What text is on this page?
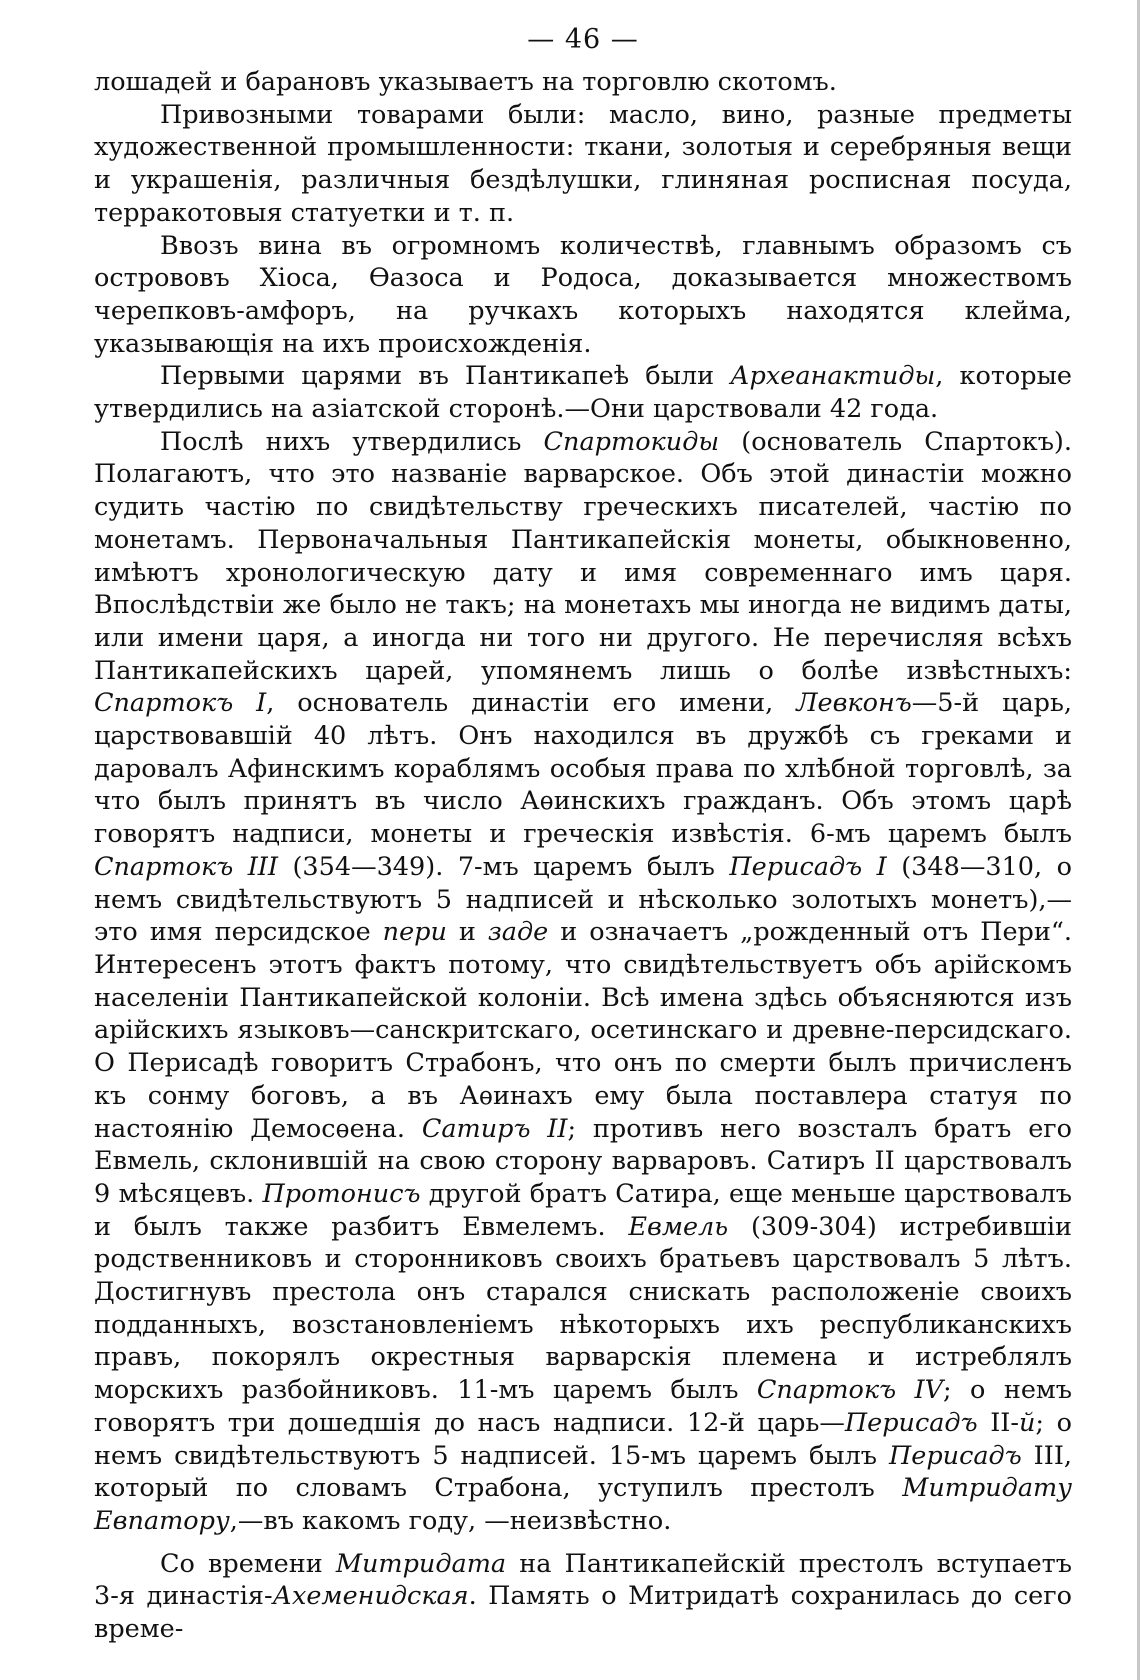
— 46 —

лошадей и барановъ указываетъ на торговлю скотомъ.

Привозными товарами были: масло, вино, разные предметы художественной промышленности: ткани, золотыя и серебряныя вещи и украшенія, различныя бездѣлушки, глиняная росписная посуда, терракотовыя статуетки и т. п.

Ввозъ вина въ огромномъ количествѣ, главнымъ образомъ съ острововъ Хіоса, Ѳазоса и Родоса, доказывается множествомъ черепковъ-амфоръ, на ручкахъ которыхъ находятся клейма, указывающія на ихъ происхожденія.

Первыми царями въ Пантикапеѣ были Археанактиды, которые утвердились на азіатской сторонѣ.—Они царствовали 42 года.

Послѣ нихъ утвердились Спартокиды (основатель Спартокъ). Полагаютъ, что это названіе варварское. Объ этой династіи можно судить частію по свидѣтельству греческихъ писателей, частію по монетамъ. Первоначальныя Пантикапейскія монеты, обыкновенно, имѣютъ хронологическую дату и имя современнаго имъ царя. Впослѣдствіи же было не такъ; на монетахъ мы иногда не видимъ даты, или имени царя, а иногда ни того ни другого. Не перечисляя всѣхъ Пантикапейскихъ царей, упомянемъ лишь о болѣе извѣстныхъ: Спартокъ I, основатель династіи его имени, Левконъ—5-й царь, царствовавшій 40 лѣтъ. Онъ находился въ дружбѣ съ греками и даровалъ Афинскимъ кораблямъ особыя права по хлѣбной торговлѣ, за что былъ принятъ въ число Аѳинскихъ гражданъ. Объ этомъ царѣ говорятъ надписи, монеты и греческія извѣстія. 6-мъ царемъ былъ Спартокъ III (354—349). 7-мъ царемъ былъ Перисадъ I (348—310, о немъ свидѣтельствуютъ 5 надписей и нѣсколько золотыхъ монетъ),—это имя персидское пери и заде и означаетъ „рожденный отъ Пери“. Интересенъ этотъ фактъ потому, что свидѣтельствуетъ объ арійскомъ населеніи Пантикапейской колоніи. Всѣ имена здѣсь объясняются изъ арійскихъ языковъ—санскритскаго, осетинскаго и древне-персидскаго. О Перисадѣ говоритъ Страбонъ, что онъ по смерти былъ причисленъ къ сонму боговъ, а въ Аѳинахъ ему была поставлера статуя по настоянію Демосѳена. Сатиръ II; противъ него возсталъ братъ его Евмель, склонившій на свою сторону варваровъ. Сатиръ II царствовалъ 9 мѣсяцевъ. Протонисъ другой братъ Сатира, еще меньше царствовалъ и былъ также разбитъ Евмелемъ. Евмель (309-304) истребившіи родственниковъ и сторонниковъ своихъ братьевъ царствовалъ 5 лѣтъ. Достигнувъ престола онъ старался снискать расположеніе своихъ подданныхъ, возстановленіемъ нѣкоторыхъ ихъ республиканскихъ правъ, покорялъ окрестныя варварскія племена и истреблялъ морскихъ разбойниковъ. 11-мъ царемъ былъ Спартокъ IV; о немъ говорятъ три дошедшія до насъ надписи. 12-й царь—Перисадъ II-й; о немъ свидѣтельствуютъ 5 надписей. 15-мъ царемъ былъ Перисадъ III, который по словамъ Страбона, уступилъ престолъ Митридату Евпатору,—въ какомъ году, —неизвѣстно.

Со времени Митридата на Пантикапейскій престолъ вступаетъ 3-я династія-Ахеменидская. Память о Митридатѣ сохранилась до сего време-
